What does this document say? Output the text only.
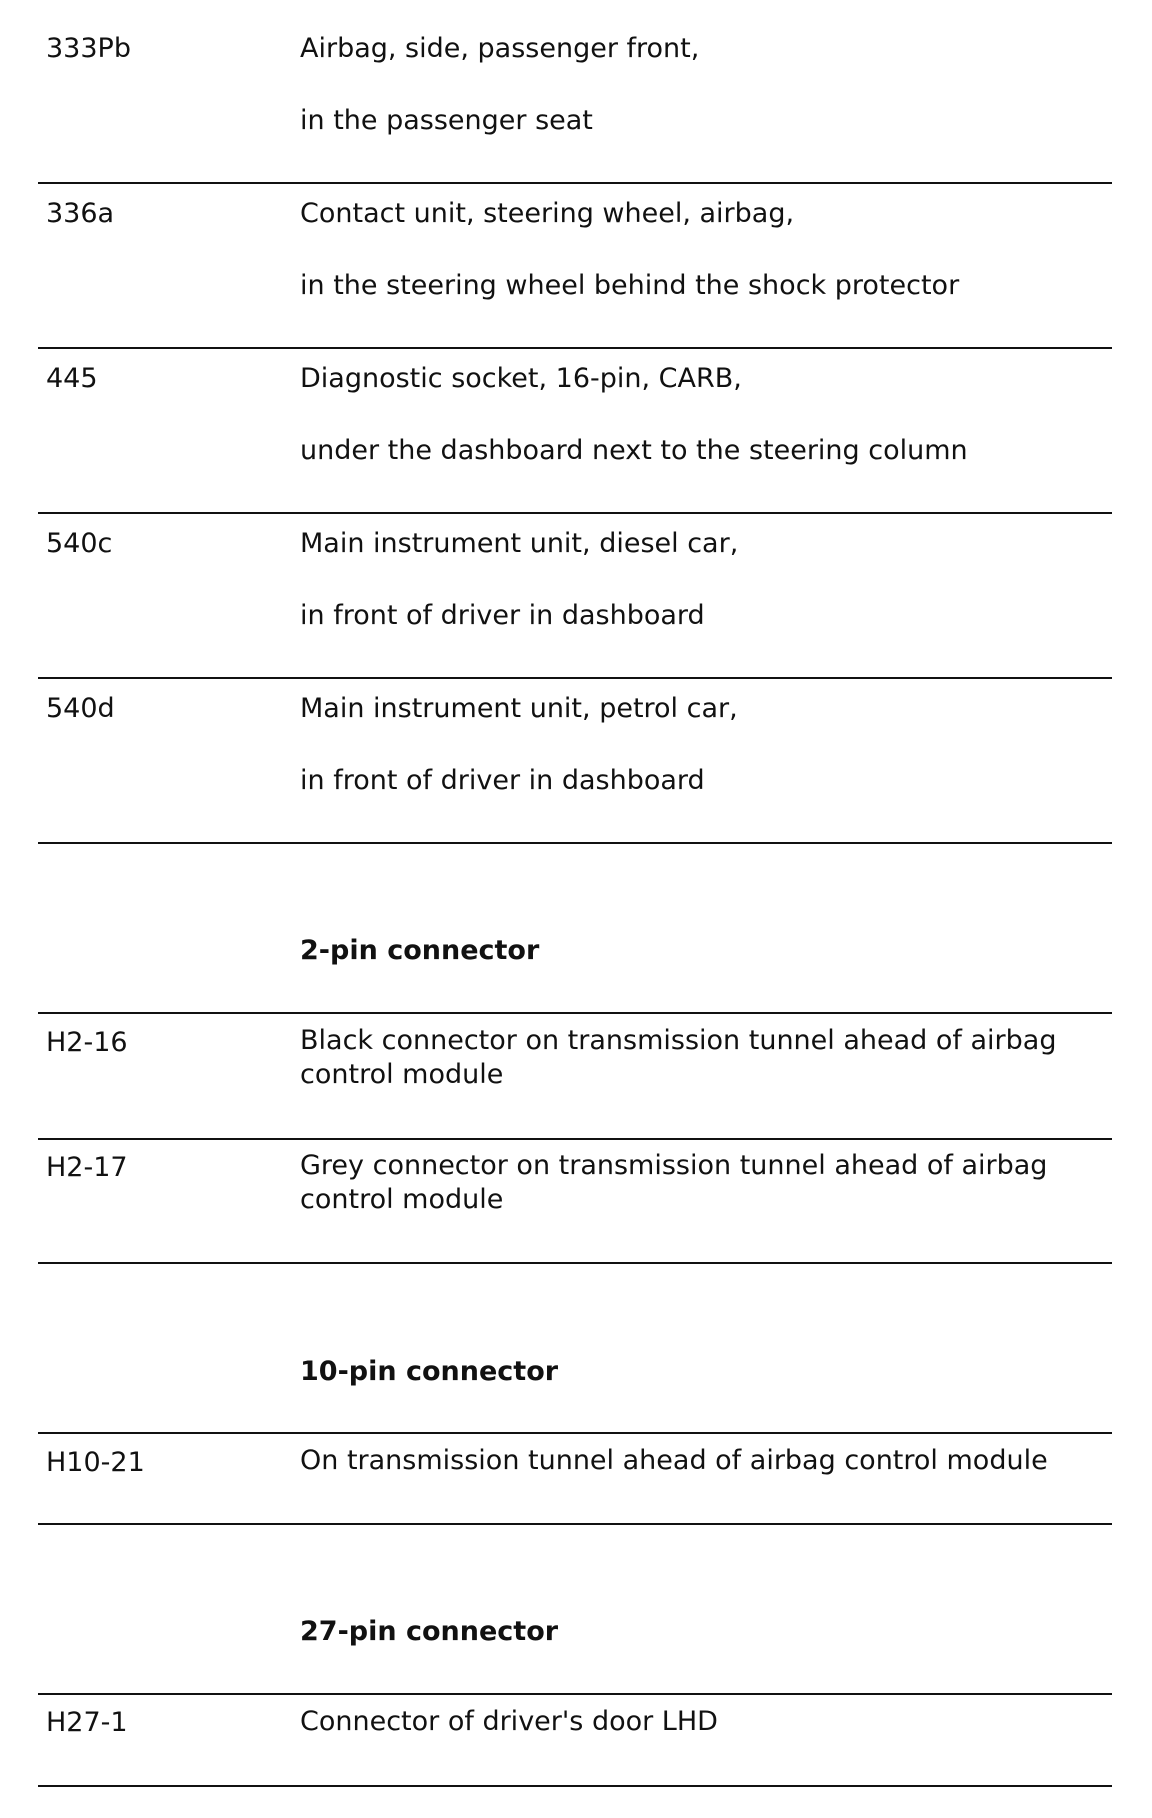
333Pb	Airbag, side, passenger front,
in the passenger seat
336a	Contact unit, steering wheel, airbag,
in the steering wheel behind the shock protector
445	Diagnostic socket, 16-pin, CARB,
under the dashboard next to the steering column
540c	Main instrument unit, diesel car,
in front of driver in dashboard
540d	Main instrument unit, petrol car,
in front of driver in dashboard
2-pin connector
H2-16	Black connector on transmission tunnel ahead of airbag control module
H2-17	Grey connector on transmission tunnel ahead of airbag control module
10-pin connector
H10-21	On transmission tunnel ahead of airbag control module
27-pin connector
H27-1	Connector of driver's door LHD
